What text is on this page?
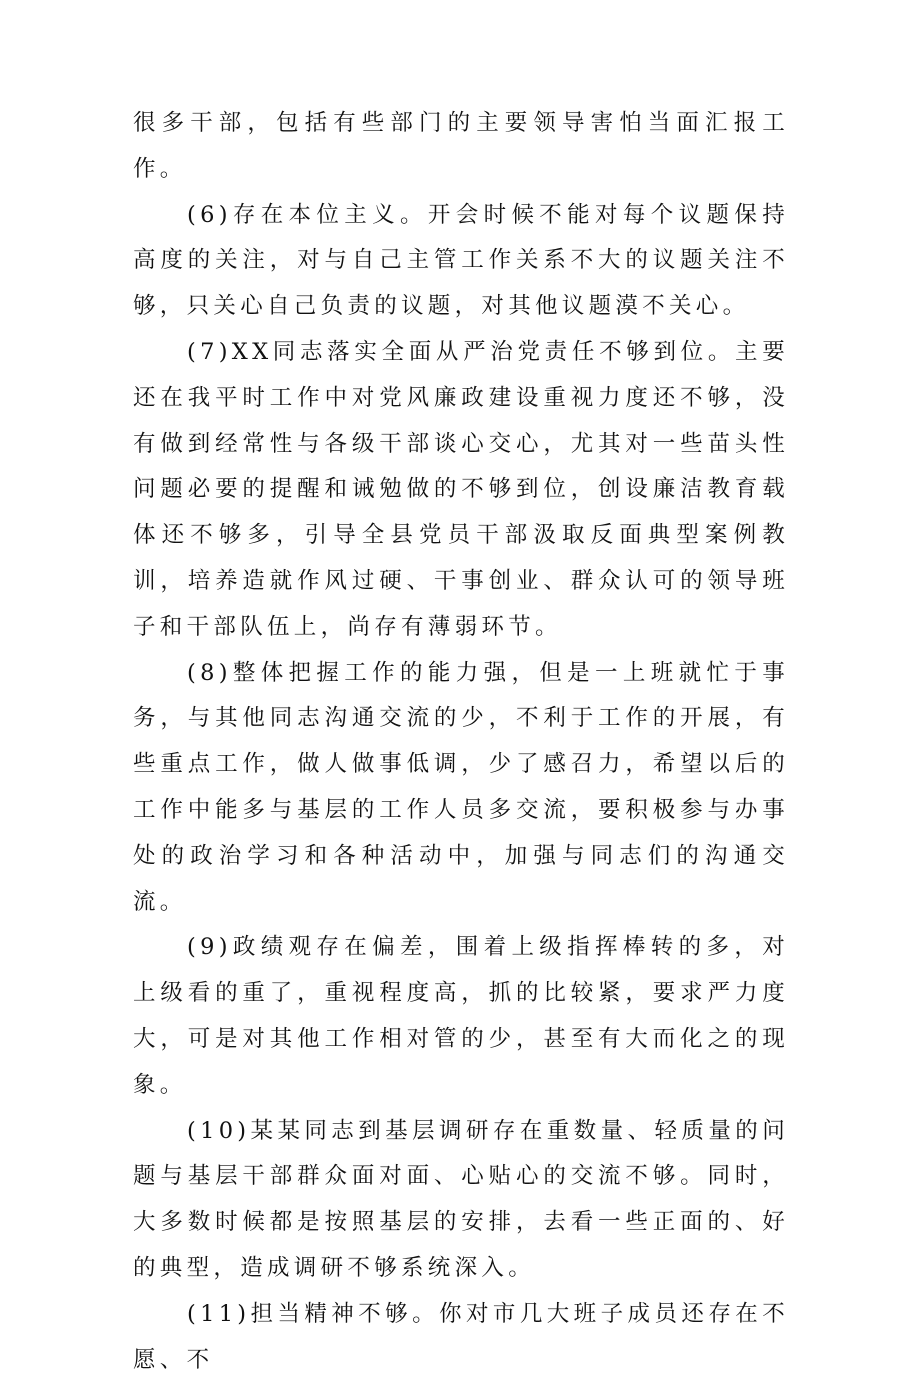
很多干部，包括有些部门的主要领导害怕当面汇报工作。

(6)存在本位主义。开会时候不能对每个议题保持高度的关注，对与自己主管工作关系不大的议题关注不够，只关心自己负责的议题，对其他议题漠不关心。

(7)XX同志落实全面从严治党责任不够到位。主要还在我平时工作中对党风廉政建设重视力度还不够，没有做到经常性与各级干部谈心交心，尤其对一些苗头性问题必要的提醒和诫勉做的不够到位，创设廉洁教育载体还不够多，引导全县党员干部汲取反面典型案例教训，培养造就作风过硬、干事创业、群众认可的领导班子和干部队伍上，尚存有薄弱环节。

(8)整体把握工作的能力强，但是一上班就忙于事务，与其他同志沟通交流的少，不利于工作的开展，有些重点工作，做人做事低调，少了感召力，希望以后的工作中能多与基层的工作人员多交流，要积极参与办事处的政治学习和各种活动中，加强与同志们的沟通交流。

(9)政绩观存在偏差，围着上级指挥棒转的多，对上级看的重了，重视程度高，抓的比较紧，要求严力度大，可是对其他工作相对管的少，甚至有大而化之的现象。

(10)某某同志到基层调研存在重数量、轻质量的问题与基层干部群众面对面、心贴心的交流不够。同时，大多数时候都是按照基层的安排，去看一些正面的、好的典型，造成调研不够系统深入。

(11)担当精神不够。你对市几大班子成员还存在不愿、不
